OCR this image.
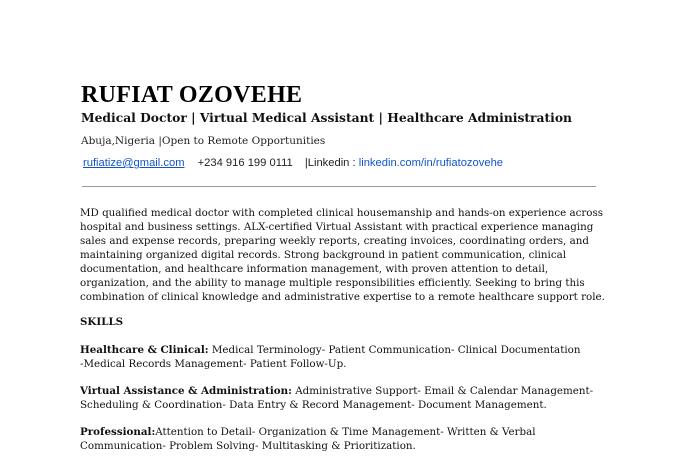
RUFIAT OZOVEHE
Medical Doctor | Virtual Medical Assistant | Healthcare Administration
Abuja,Nigeria |Open to Remote Opportunities
rufiatize@gmail.com +234 916 199 0111 |Linkedin : linkedin.com/in/rufiatozovehe
MD qualified medical doctor with completed clinical housemanship and hands-on experience across
hospital and business settings. ALX-certified Virtual Assistant with practical experience managing
sales and expense records, preparing weekly reports, creating invoices, coordinating orders, and
maintaining organized digital records. Strong background in patient communication, clinical
documentation, and healthcare information management, with proven attention to detail,
organization, and the ability to manage multiple responsibilities efficiently. Seeking to bring this
combination of clinical knowledge and administrative expertise to a remote healthcare support role.
SKILLS
Healthcare & Clinical: Medical Terminology- Patient Communication- Clinical Documentation
-Medical Records Management- Patient Follow-Up.
Virtual Assistance & Administration: Administrative Support- Email & Calendar Management-
Scheduling & Coordination- Data Entry & Record Management- Document Management.
Professional:Attention to Detail- Organization & Time Management- Written & Verbal
Communication- Problem Solving- Multitasking & Prioritization.
